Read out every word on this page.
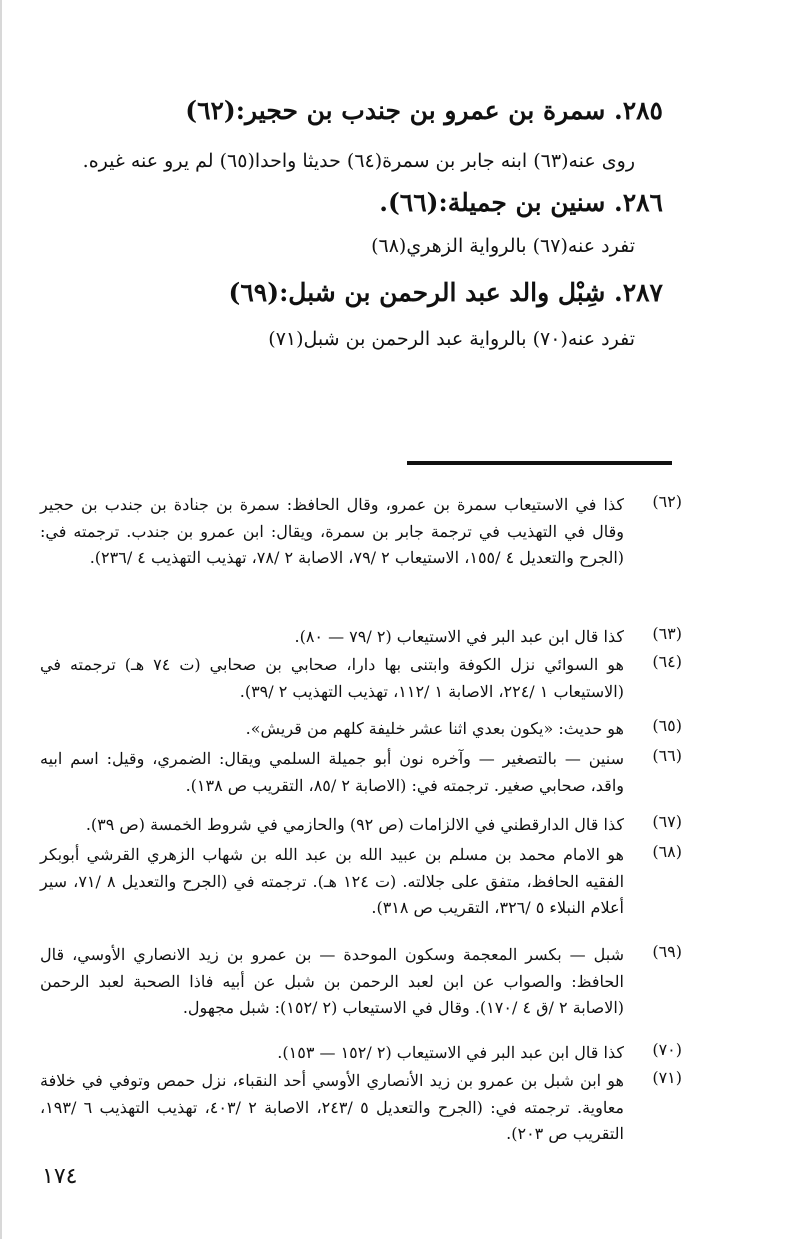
٢٨٥. سمرة بن عمرو بن جندب بن حجير:(٦٢)
روى عنه(٦٣) ابنه جابر بن سمرة(٦٤) حديثا واحدا(٦٥) لم يرو عنه غيره.
٢٨٦. سنين بن جميلة:(٦٦).
تفرد عنه(٦٧) بالرواية الزهري(٦٨)
٢٨٧. شِبْل والد عبد الرحمن بن شبل:(٦٩)
تفرد عنه(٧٠) بالرواية عبد الرحمن بن شبل(٧١)
(٦٢)
كذا في الاستيعاب سمرة بن عمرو، وقال الحافظ: سمرة بن جنادة بن جندب بن حجير وقال في التهذيب في ترجمة جابر بن سمرة، ويقال: ابن عمرو بن جندب. ترجمته في: (الجرح والتعديل ٤ /١٥٥، الاستيعاب ٢ /٧٩، الاصابة ٢ /٧٨، تهذيب التهذيب ٤ /٢٣٦).
(٦٣)
كذا قال ابن عبد البر في الاستيعاب (٢ /٧٩ — ٨٠).
(٦٤)
هو السوائي نزل الكوفة وابتنى بها دارا، صحابي بن صحابي (ت ٧٤ هـ) ترجمته في (الاستيعاب ١ /٢٢٤، الاصابة ١ /١١٢، تهذيب التهذيب ٢ /٣٩).
(٦٥)
هو حديث: «يكون بعدي اثنا عشر خليفة كلهم من قريش».
(٦٦)
سنين — بالتصغير — وآخره نون أبو جميلة السلمي ويقال: الضمري، وقيل: اسم ابيه واقد، صحابي صغير. ترجمته في: (الاصابة ٢ /٨٥، التقريب ص ١٣٨).
(٦٧)
كذا قال الدارقطني في الالزامات (ص ٩٢) والحازمي في شروط الخمسة (ص ٣٩).
(٦٨)
هو الامام محمد بن مسلم بن عبيد الله بن عبد الله بن شهاب الزهري القرشي أبوبكر الفقيه الحافظ، متفق على جلالته. (ت ١٢٤ هـ). ترجمته في (الجرح والتعديل ٨ /٧١، سير أعلام النبلاء ٥ /٣٢٦، التقريب ص ٣١٨).
(٦٩)
شبل — بكسر المعجمة وسكون الموحدة — بن عمرو بن زيد الانصاري الأوسي، قال الحافظ: والصواب عن ابن لعبد الرحمن بن شبل عن أبيه فاذا الصحبة لعبد الرحمن (الاصابة ٢ /ق ٤ /١٧٠). وقال في الاستيعاب (٢ /١٥٢): شبل مجهول.
(٧٠)
كذا قال ابن عبد البر في الاستيعاب (٢ /١٥٢ — ١٥٣).
(٧١)
هو ابن شبل بن عمرو بن زيد الأنصاري الأوسي أحد النقباء، نزل حمص وتوفي في خلافة معاوية. ترجمته في: (الجرح والتعديل ٥ /٢٤٣، الاصابة ٢ /٤٠٣، تهذيب التهذيب ٦ /١٩٣، التقريب ص ٢٠٣).
١٧٤
